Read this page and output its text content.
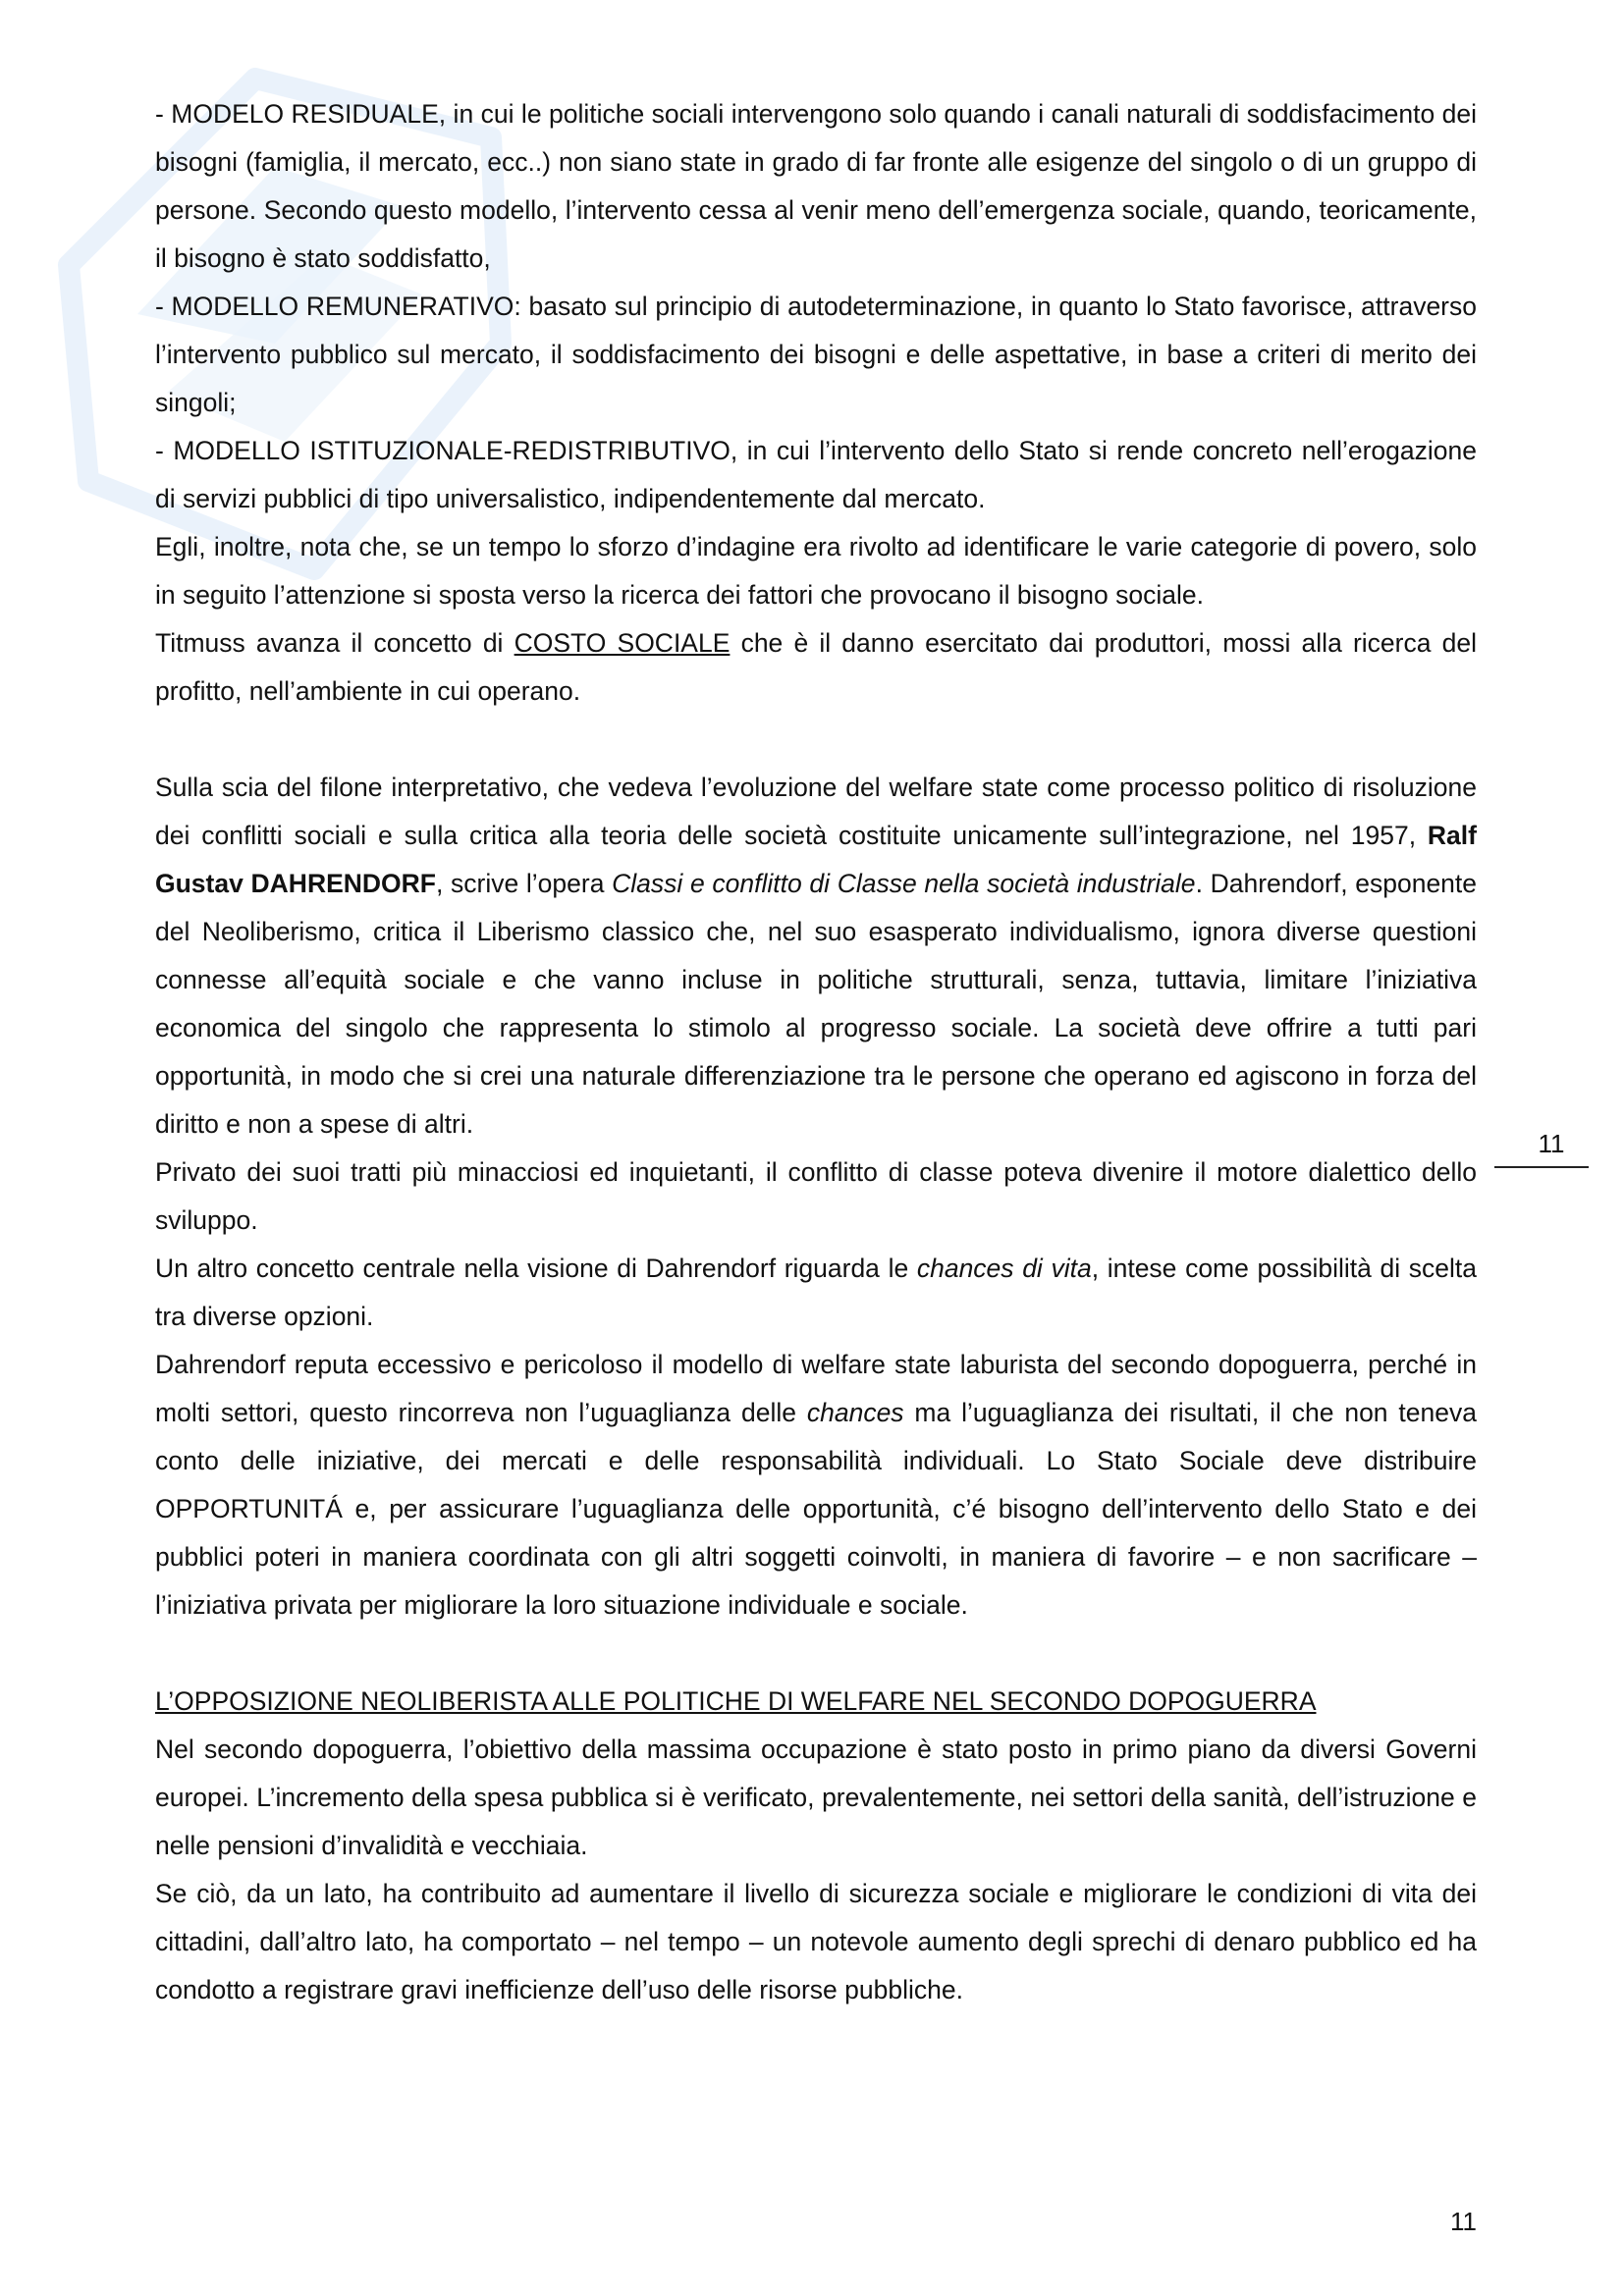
- MODELO RESIDUALE, in cui le politiche sociali intervengono solo quando i canali naturali di soddisfacimento dei bisogni (famiglia, il mercato, ecc..) non siano state in grado di far fronte alle esigenze del singolo o di un gruppo di persone. Secondo questo modello, l’intervento cessa al venir meno dell’emergenza sociale, quando, teoricamente, il bisogno è stato soddisfatto,

- MODELLO REMUNERATIVO: basato sul principio di autodeterminazione, in quanto lo Stato favorisce, attraverso l’intervento pubblico sul mercato, il soddisfacimento dei bisogni e delle aspettative, in base a criteri di merito dei singoli;

- MODELLO ISTITUZIONALE-REDISTRIBUTIVO, in cui l’intervento dello Stato si rende concreto nell’erogazione di servizi pubblici di tipo universalistico, indipendentemente dal mercato.

Egli, inoltre, nota che, se un tempo lo sforzo d’indagine era rivolto ad identificare le varie categorie di povero, solo in seguito l’attenzione si sposta verso la ricerca dei fattori che provocano il bisogno sociale.

Titmuss avanza il concetto di COSTO SOCIALE che è il danno esercitato dai produttori, mossi alla ricerca del profitto, nell’ambiente in cui operano.

Sulla scia del filone interpretativo, che vedeva l’evoluzione del welfare state come processo politico di risoluzione dei conflitti sociali e sulla critica alla teoria delle società costituite unicamente sull’integrazione, nel 1957, Ralf Gustav DAHRENDORF, scrive l’opera Classi e conflitto di Classe nella società industriale. Dahrendorf, esponente del Neoliberismo, critica il Liberismo classico che, nel suo esasperato individualismo, ignora diverse questioni connesse all’equità sociale e che vanno incluse in politiche strutturali, senza, tuttavia, limitare l’iniziativa economica del singolo che rappresenta lo stimolo al progresso sociale. La società deve offrire a tutti pari opportunità, in modo che si crei una naturale differenziazione tra le persone che operano ed agiscono in forza del diritto e non a spese di altri.

Privato dei suoi tratti più minacciosi ed inquietanti, il conflitto di classe poteva divenire il motore dialettico dello sviluppo.

Un altro concetto centrale nella visione di Dahrendorf riguarda le chances di vita, intese come possibilità di scelta tra diverse opzioni.

Dahrendorf reputa eccessivo e pericoloso il modello di welfare state laburista del secondo dopoguerra, perché in molti settori, questo rincorreva non l’uguaglianza delle chances ma l’uguaglianza dei risultati, il che non teneva conto delle iniziative, dei mercati e delle responsabilità individuali. Lo Stato Sociale deve distribuire OPPORTUNITÁ e, per assicurare l’uguaglianza delle opportunità, c’é bisogno dell’intervento dello Stato e dei pubblici poteri in maniera coordinata con gli altri soggetti coinvolti, in maniera di favorire – e non sacrificare – l’iniziativa privata per migliorare la loro situazione individuale e sociale.

L’OPPOSIZIONE NEOLIBERISTA ALLE POLITICHE DI WELFARE NEL SECONDO DOPOGUERRA

Nel secondo dopoguerra, l’obiettivo della massima occupazione è stato posto in primo piano da diversi Governi europei. L’incremento della spesa pubblica si è verificato, prevalentemente, nei settori della sanità, dell’istruzione e nelle pensioni d’invalidità e vecchiaia.

Se ciò, da un lato, ha contribuito ad aumentare il livello di sicurezza sociale e migliorare le condizioni di vita dei cittadini, dall’altro lato, ha comportato – nel tempo – un notevole aumento degli sprechi di denaro pubblico ed ha condotto a registrare gravi inefficienze dell’uso delle risorse pubbliche.

11
11
